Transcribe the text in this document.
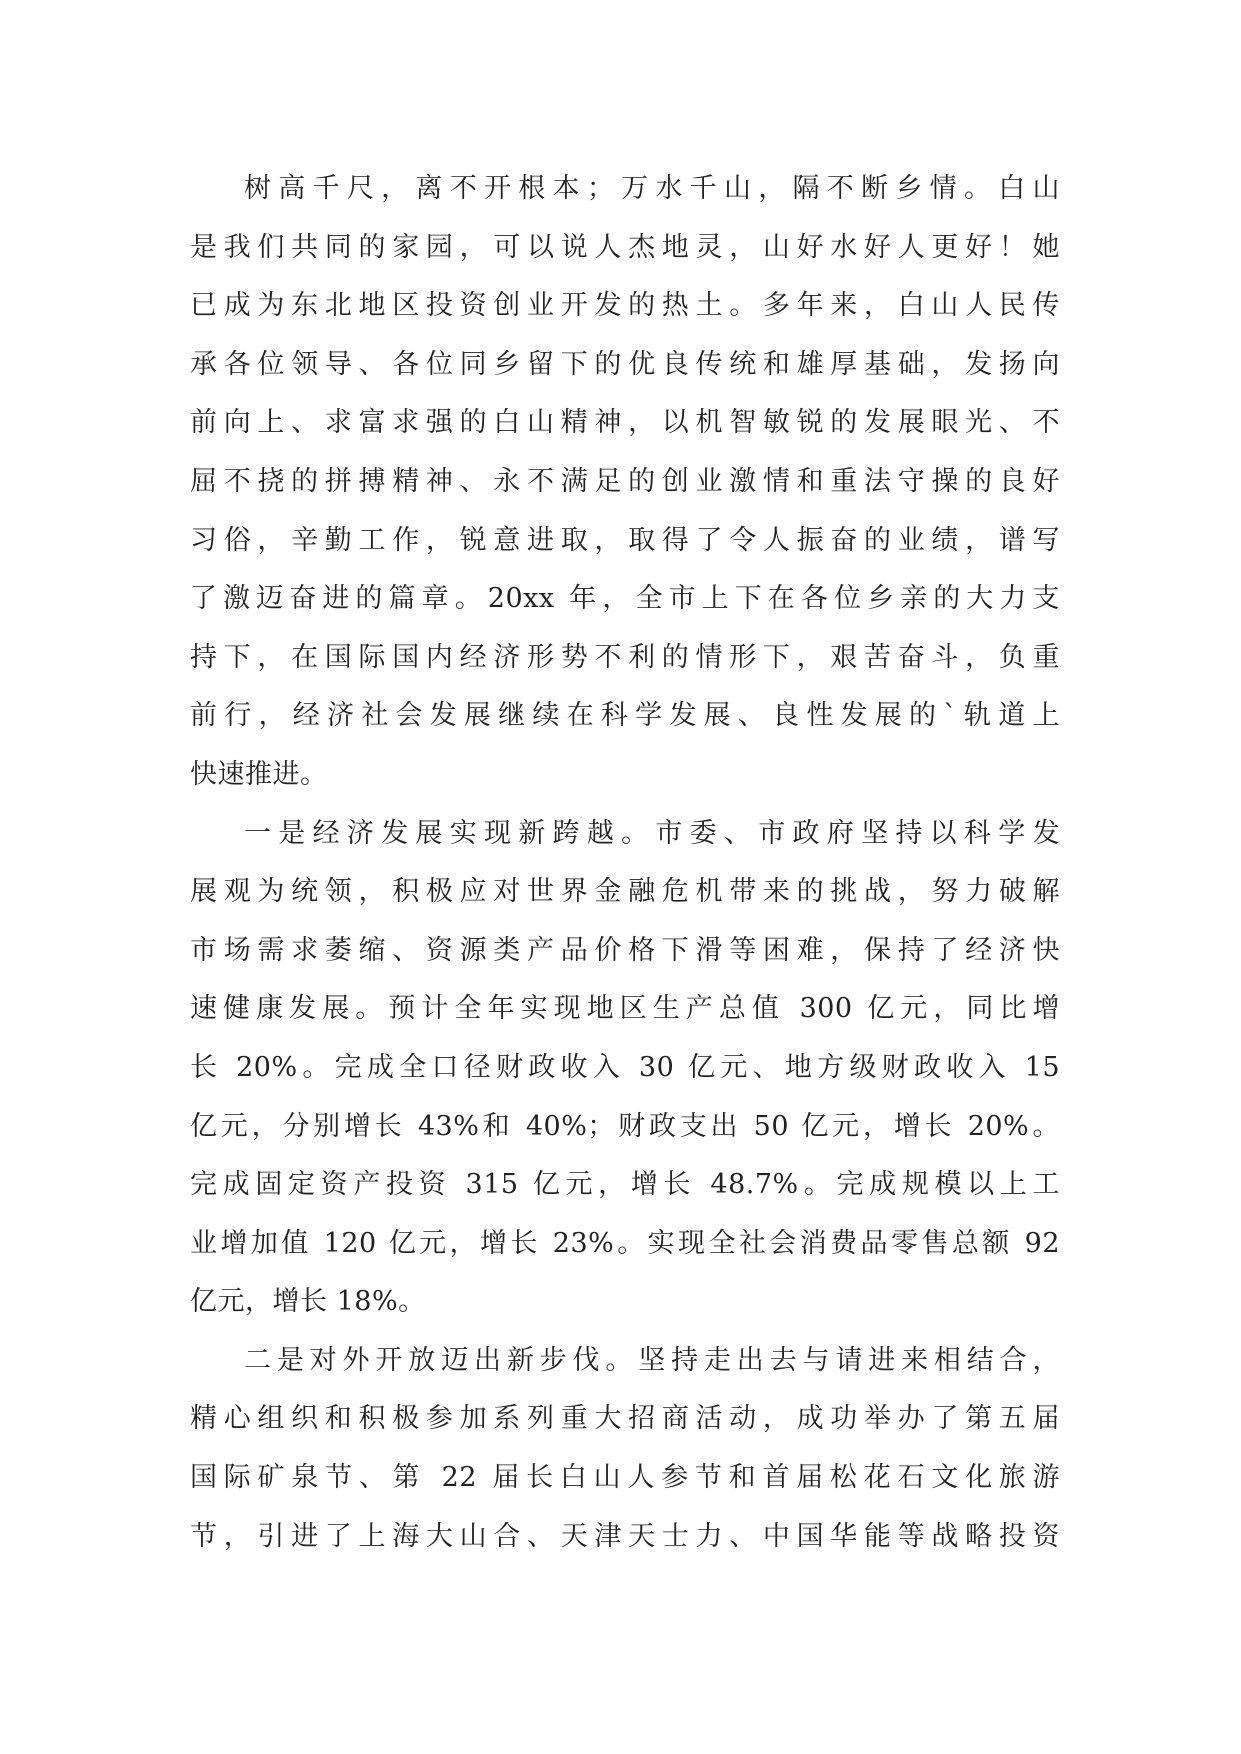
树高千尺，离不开根本；万水千山，隔不断乡情。白山
是我们共同的家园，可以说人杰地灵，山好水好人更好！她
已成为东北地区投资创业开发的热土。多年来，白山人民传
承各位领导、各位同乡留下的优良传统和雄厚基础，发扬向
前向上、求富求强的白山精神，以机智敏锐的发展眼光、不
屈不挠的拼搏精神、永不满足的创业激情和重法守操的良好
习俗，辛勤工作，锐意进取，取得了令人振奋的业绩，谱写
了激迈奋进的篇章。20xx 年，全市上下在各位乡亲的大力支
持下，在国际国内经济形势不利的情形下，艰苦奋斗，负重
前行，经济社会发展继续在科学发展、良性发展的`轨道上
快速推进。
一是经济发展实现新跨越。市委、市政府坚持以科学发
展观为统领，积极应对世界金融危机带来的挑战，努力破解
市场需求萎缩、资源类产品价格下滑等困难，保持了经济快
速健康发展。预计全年实现地区生产总值 300 亿元，同比增
长 20%。完成全口径财政收入 30 亿元、地方级财政收入 15
亿元，分别增长 43%和 40%；财政支出 50 亿元，增长 20%。
完成固定资产投资 315 亿元，增长 48.7%。完成规模以上工
业增加值 120 亿元，增长 23%。实现全社会消费品零售总额 92
亿元，增长 18%。
二是对外开放迈出新步伐。坚持走出去与请进来相结合，
精心组织和积极参加系列重大招商活动，成功举办了第五届
国际矿泉节、第 22 届长白山人参节和首届松花石文化旅游
节，引进了上海大山合、天津天士力、中国华能等战略投资
